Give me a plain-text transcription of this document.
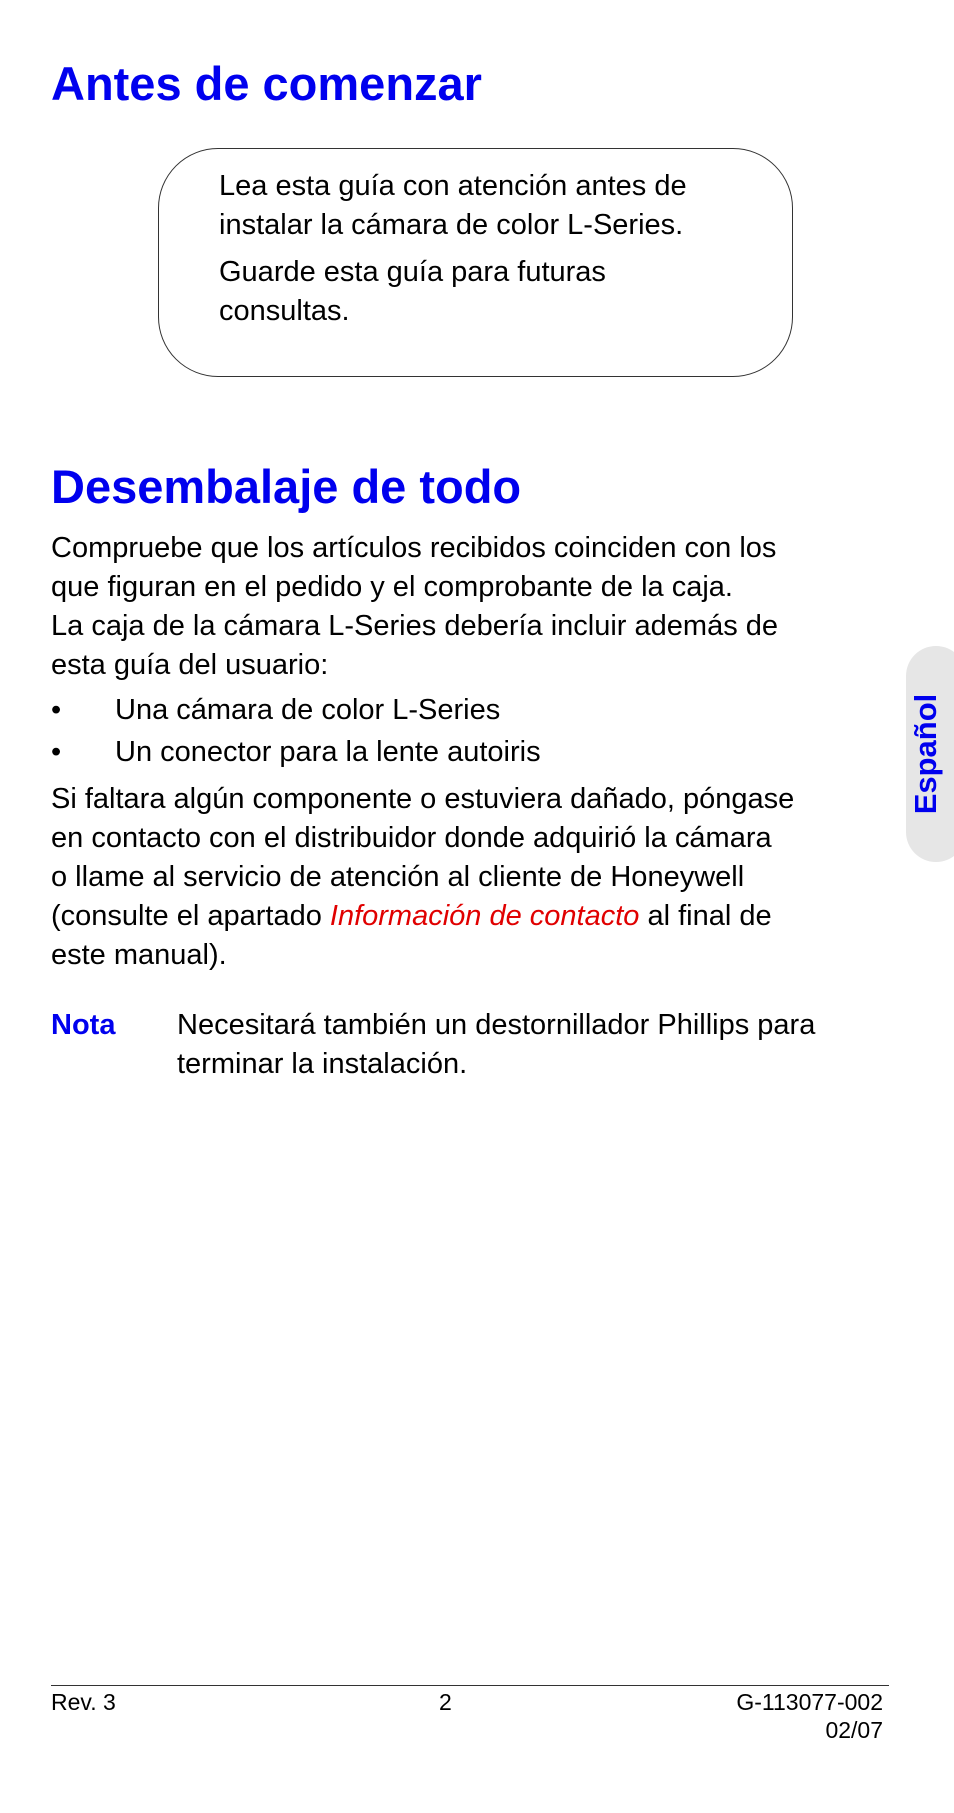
Antes de comenzar
Lea esta guía con atención antes de
instalar la cámara de color L-Series.
Guarde esta guía para futuras
consultas.
Desembalaje de todo
Compruebe que los artículos recibidos coinciden con los
que figuran en el pedido y el comprobante de la caja.
La caja de la cámara L-Series debería incluir además de
esta guía del usuario:
• Una cámara de color L-Series
• Un conector para la lente autoiris
Si faltara algún componente o estuviera dañado, póngase
en contacto con el distribuidor donde adquirió la cámara
o llame al servicio de atención al cliente de Honeywell
(consulte el apartado Información de contacto al final de
este manual).
Nota Necesitará también un destornillador Phillips para
terminar la instalación.
Español
Rev. 3	2	G-113077-002
02/07
